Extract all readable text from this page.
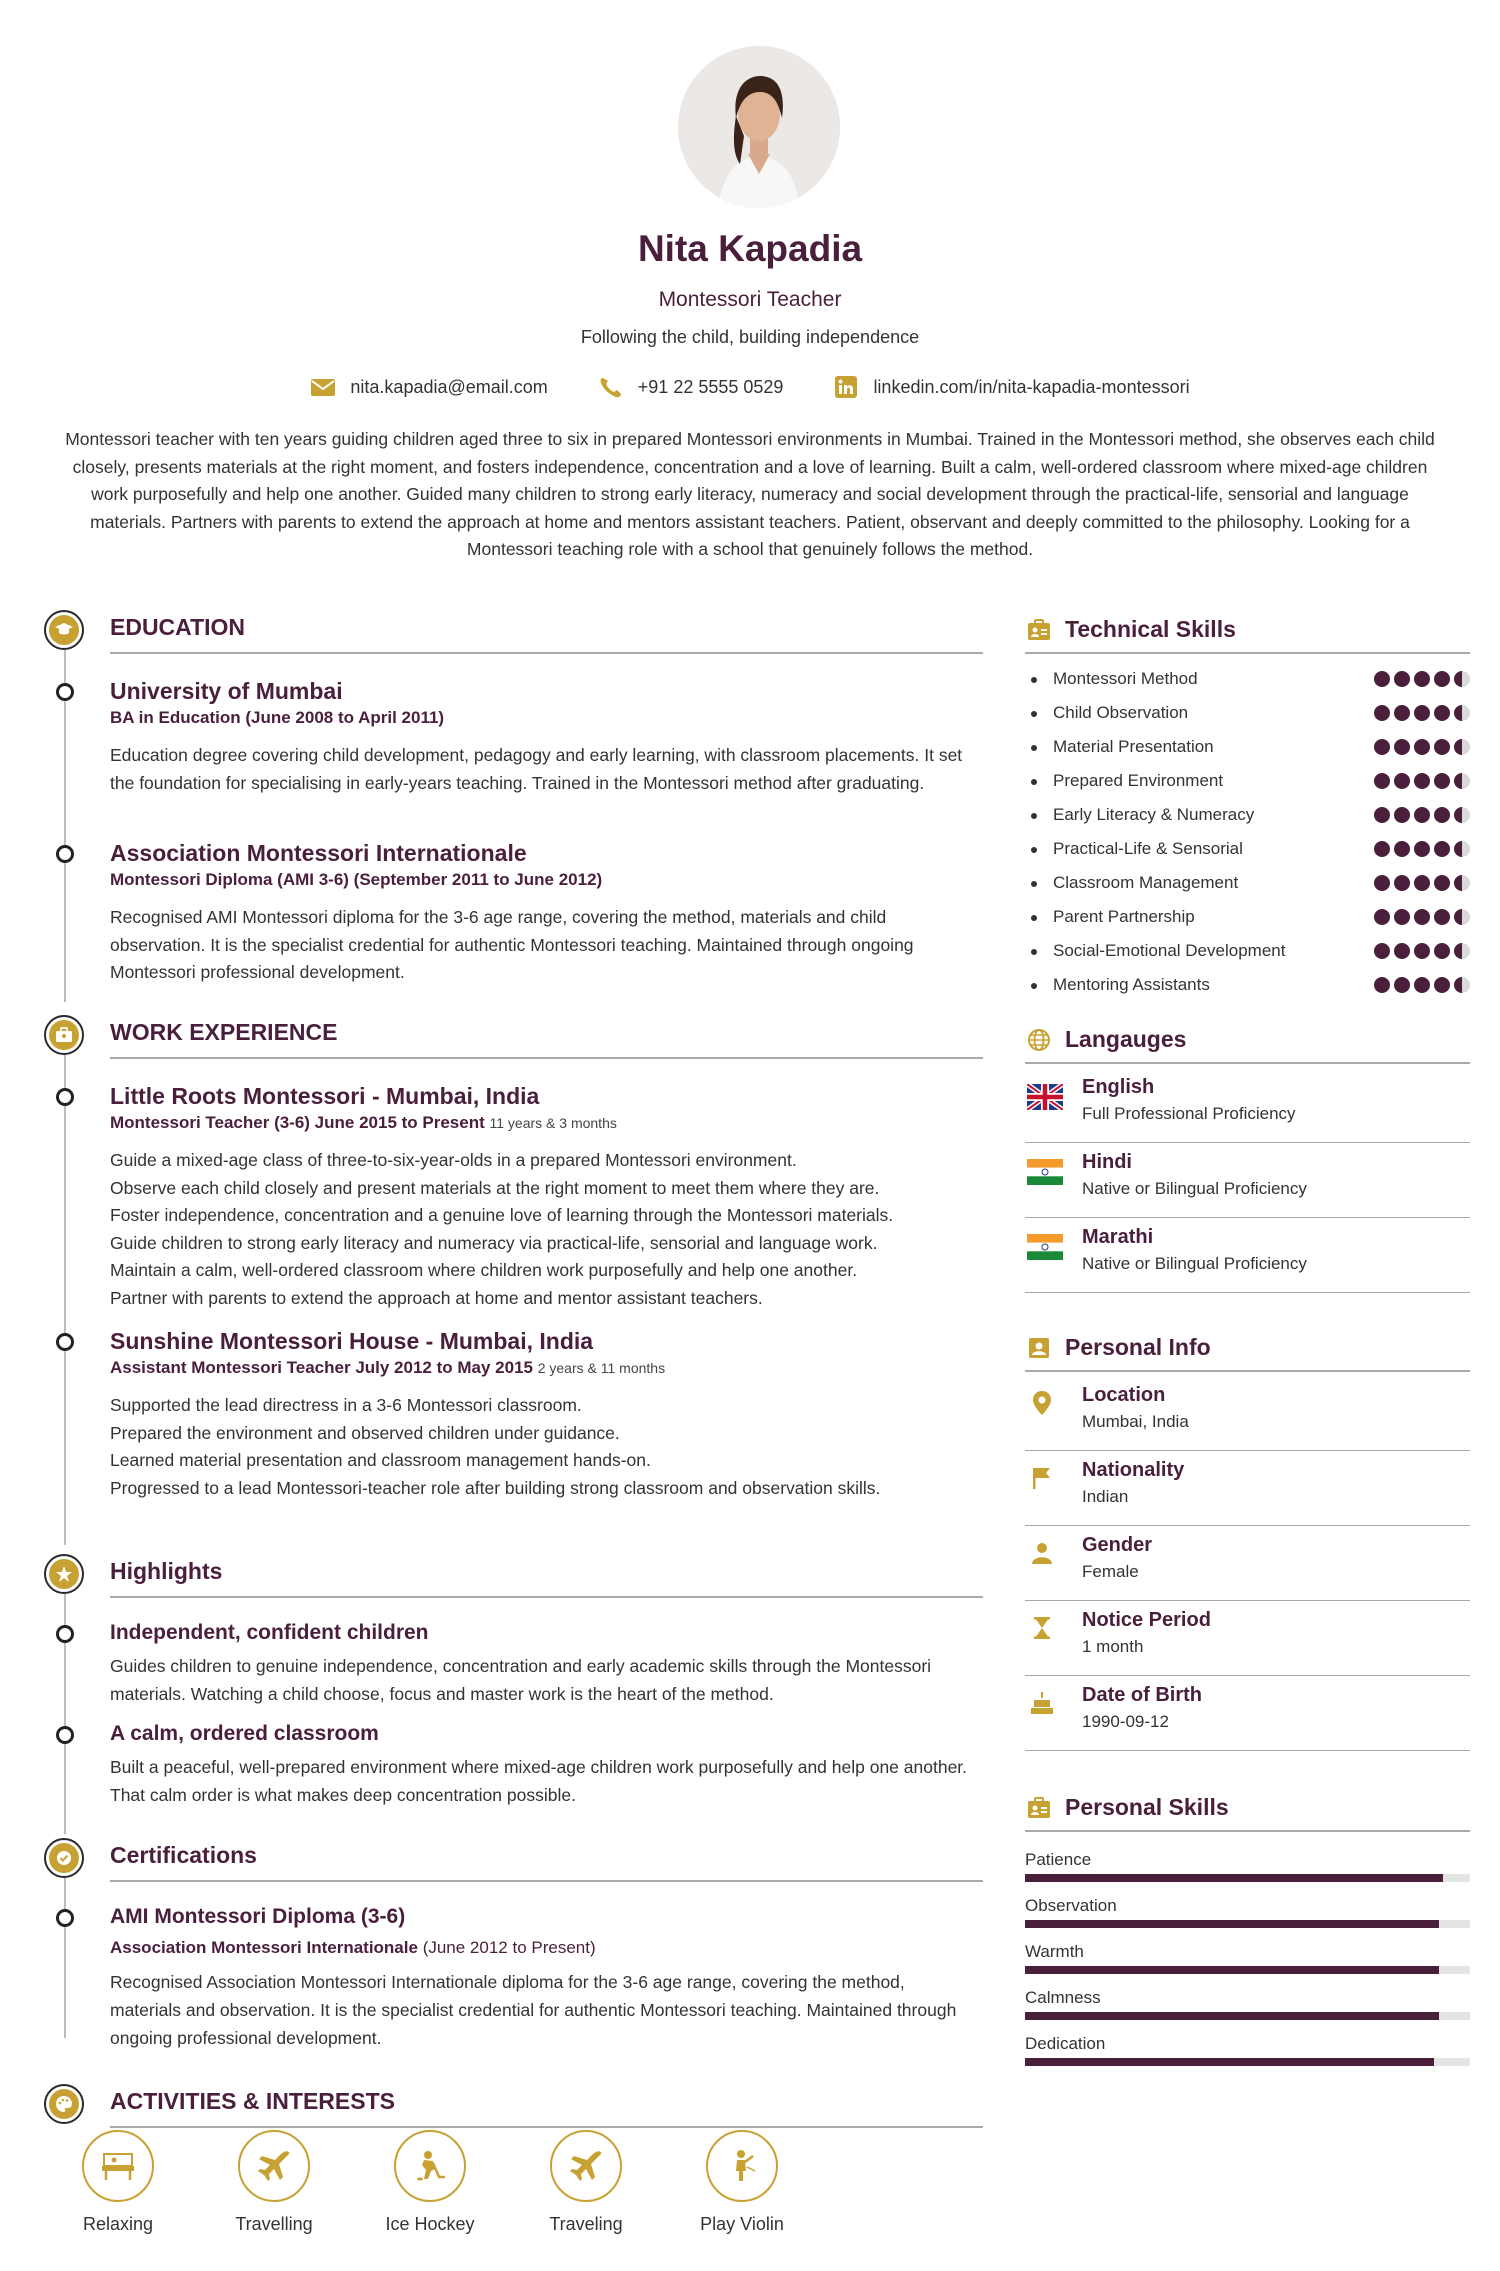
Nita Kapadia
Montessori Teacher
Following the child, building independence
nita.kapadia@email.com	+91 22 5555 0529	linkedin.com/in/nita-kapadia-montessori
Montessori teacher with ten years guiding children aged three to six in prepared Montessori environments in Mumbai. Trained in the Montessori method, she observes each child closely, presents materials at the right moment, and fosters independence, concentration and a love of learning. Built a calm, well-ordered classroom where mixed-age children work purposefully and help one another. Guided many children to strong early literacy, numeracy and social development through the practical-life, sensorial and language materials. Partners with parents to extend the approach at home and mentors assistant teachers. Patient, observant and deeply committed to the philosophy. Looking for a Montessori teaching role with a school that genuinely follows the method.
EDUCATION
University of Mumbai
BA in Education (June 2008 to April 2011)
Education degree covering child development, pedagogy and early learning, with classroom placements. It set the foundation for specialising in early-years teaching. Trained in the Montessori method after graduating.
Association Montessori Internationale
Montessori Diploma (AMI 3-6) (September 2011 to June 2012)
Recognised AMI Montessori diploma for the 3-6 age range, covering the method, materials and child observation. It is the specialist credential for authentic Montessori teaching. Maintained through ongoing Montessori professional development.
WORK EXPERIENCE
Little Roots Montessori - Mumbai, India
Montessori Teacher (3-6) June 2015 to Present 11 years & 3 months
Guide a mixed-age class of three-to-six-year-olds in a prepared Montessori environment.
Observe each child closely and present materials at the right moment to meet them where they are.
Foster independence, concentration and a genuine love of learning through the Montessori materials.
Guide children to strong early literacy and numeracy via practical-life, sensorial and language work.
Maintain a calm, well-ordered classroom where children work purposefully and help one another.
Partner with parents to extend the approach at home and mentor assistant teachers.
Sunshine Montessori House - Mumbai, India
Assistant Montessori Teacher July 2012 to May 2015 2 years & 11 months
Supported the lead directress in a 3-6 Montessori classroom.
Prepared the environment and observed children under guidance.
Learned material presentation and classroom management hands-on.
Progressed to a lead Montessori-teacher role after building strong classroom and observation skills.
Highlights
Independent, confident children
Guides children to genuine independence, concentration and early academic skills through the Montessori materials. Watching a child choose, focus and master work is the heart of the method.
A calm, ordered classroom
Built a peaceful, well-prepared environment where mixed-age children work purposefully and help one another. That calm order is what makes deep concentration possible.
Certifications
AMI Montessori Diploma (3-6)
Association Montessori Internationale (June 2012 to Present)
Recognised Association Montessori Internationale diploma for the 3-6 age range, covering the method, materials and observation. It is the specialist credential for authentic Montessori teaching. Maintained through ongoing professional development.
ACTIVITIES & INTERESTS
Relaxing	Travelling	Ice Hockey	Traveling	Play Violin
Technical Skills
Montessori Method
Child Observation
Material Presentation
Prepared Environment
Early Literacy & Numeracy
Practical-Life & Sensorial
Classroom Management
Parent Partnership
Social-Emotional Development
Mentoring Assistants
Langauges
English
Full Professional Proficiency
Hindi
Native or Bilingual Proficiency
Marathi
Native or Bilingual Proficiency
Personal Info
Location
Mumbai, India
Nationality
Indian
Gender
Female
Notice Period
1 month
Date of Birth
1990-09-12
Personal Skills
Patience
Observation
Warmth
Calmness
Dedication
